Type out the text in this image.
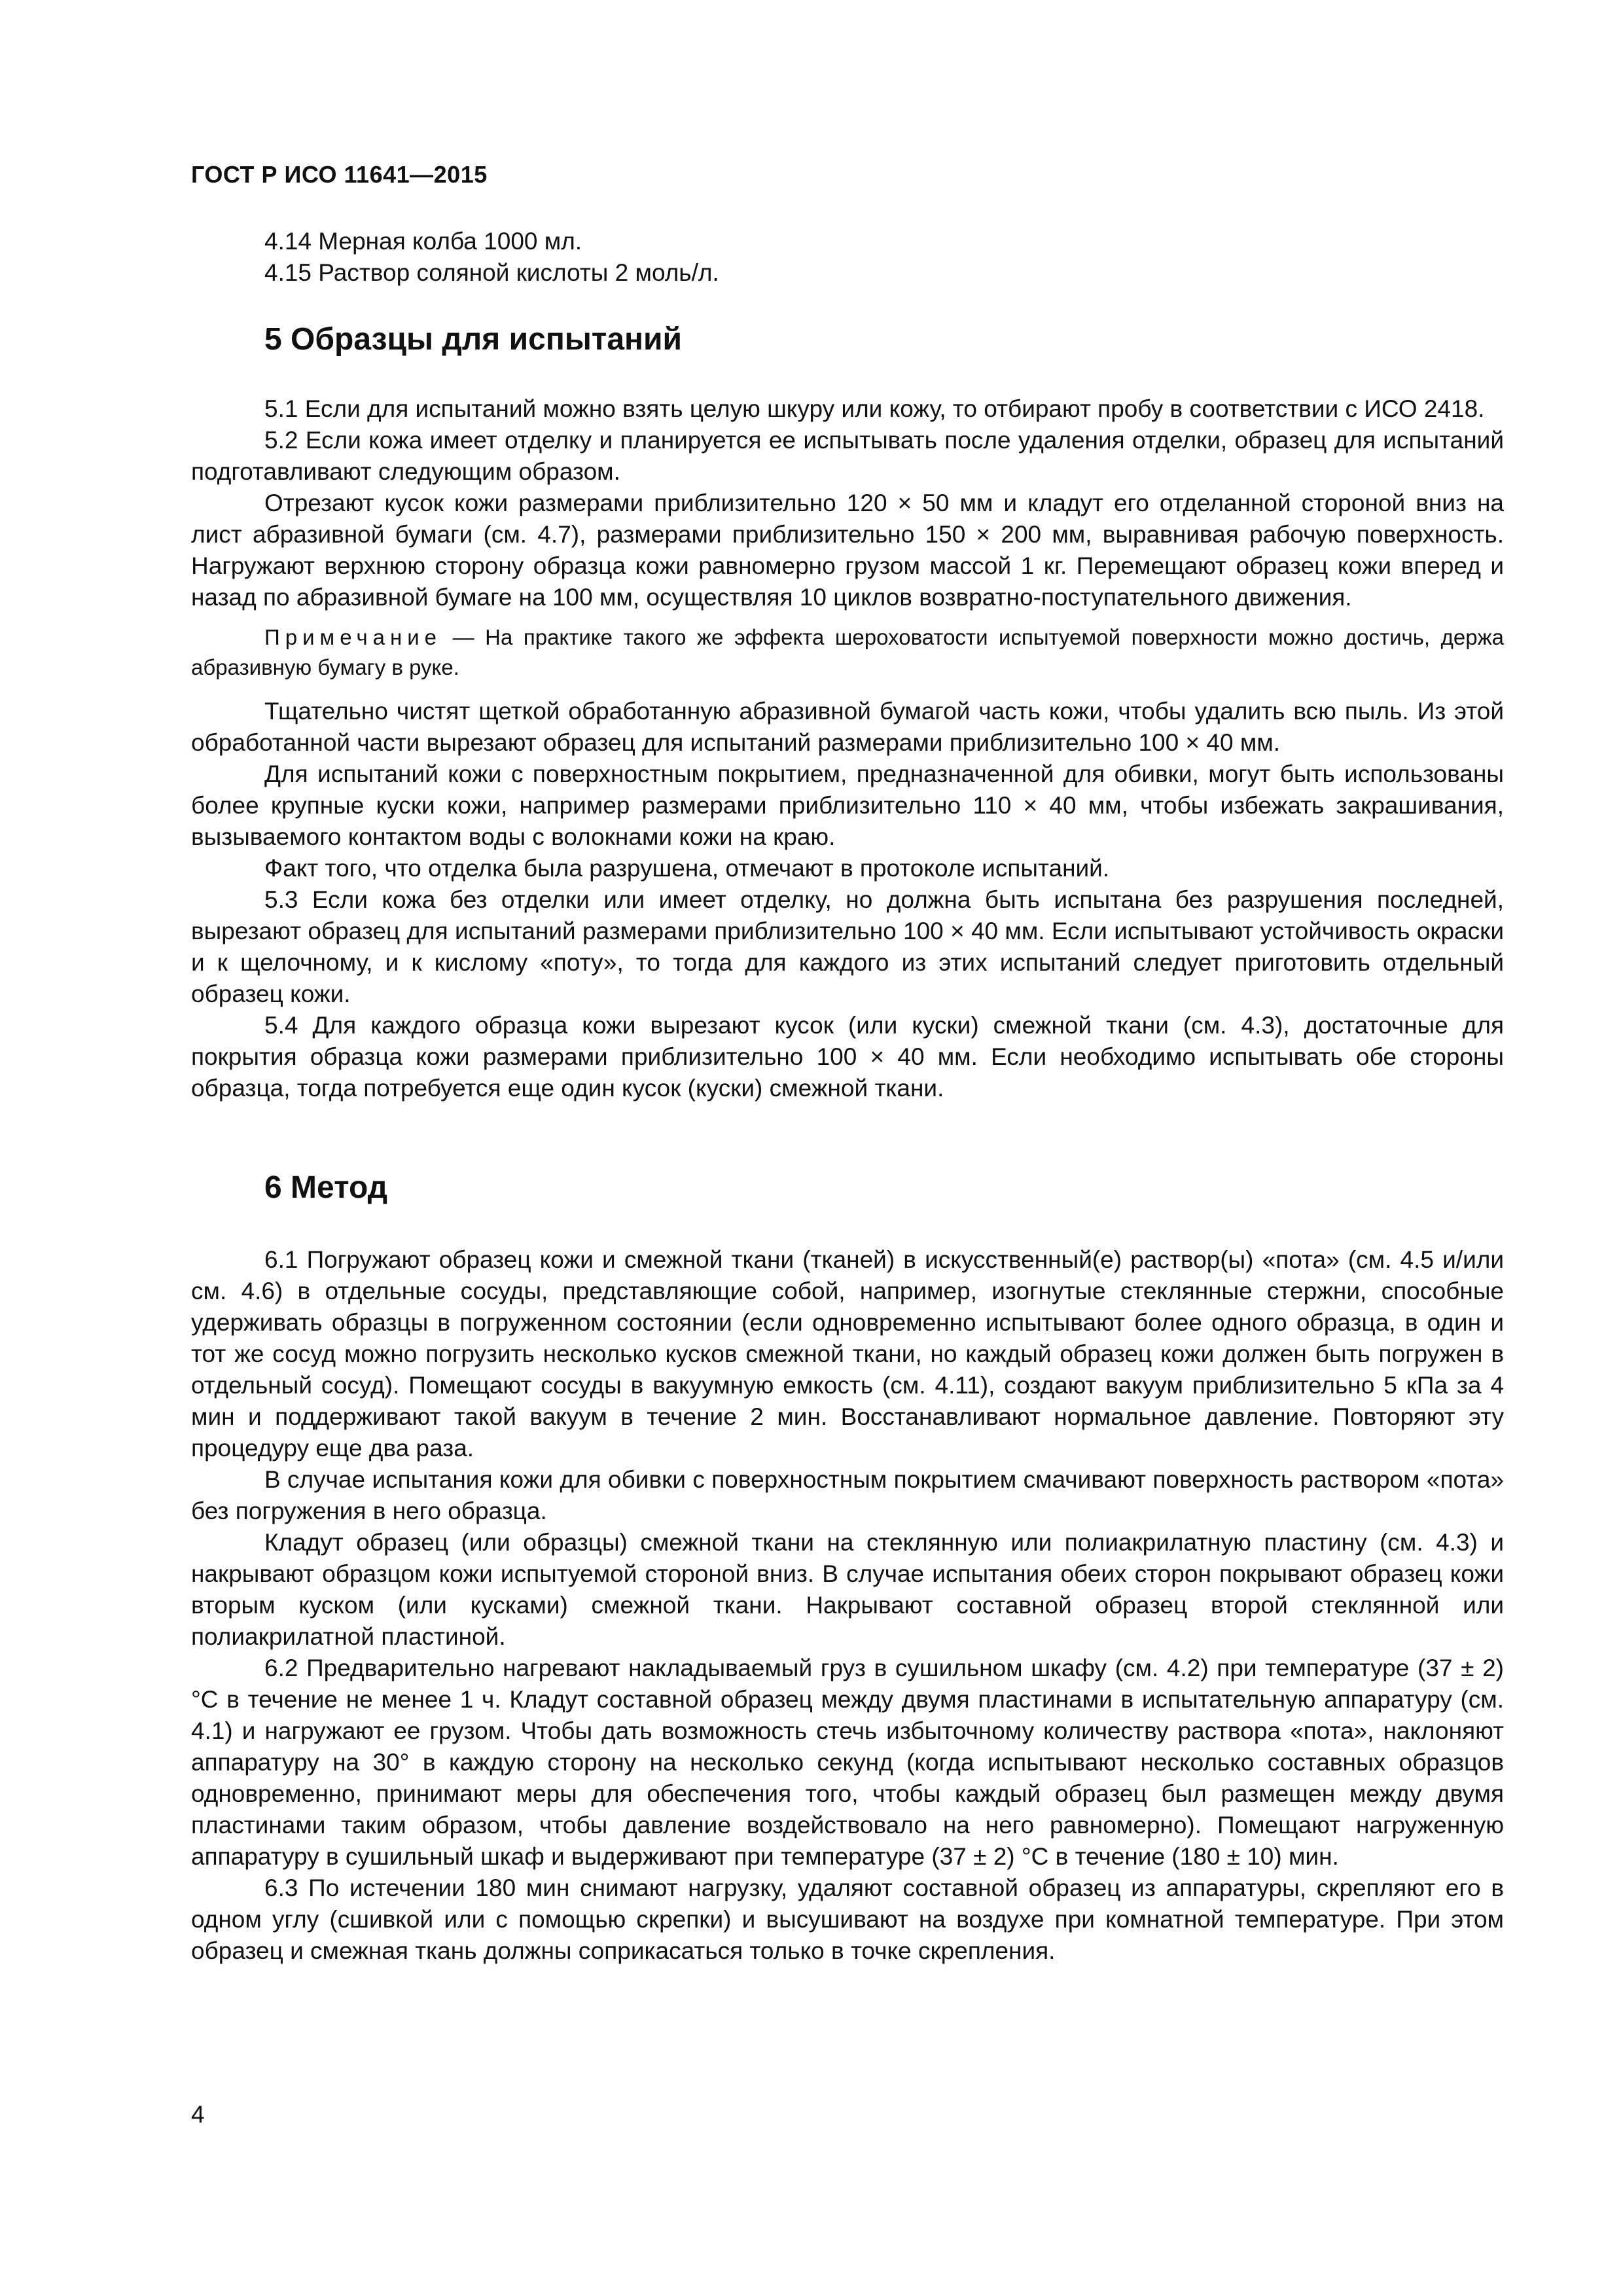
ГОСТ Р ИСО 11641—2015

4.14 Мерная колба 1000 мл.

4.15 Раствор соляной кислоты 2 моль/л.

5 Образцы для испытаний

5.1 Если для испытаний можно взять целую шкуру или кожу, то отбирают пробу в соответствии с ИСО 2418.

5.2 Если кожа имеет отделку и планируется ее испытывать после удаления отделки, образец для испытаний подготавливают следующим образом.

Отрезают кусок кожи размерами приблизительно 120 × 50 мм и кладут его отделанной стороной вниз на лист абразивной бумаги (см. 4.7), размерами приблизительно 150 × 200 мм, выравнивая рабочую поверхность. Нагружают верхнюю сторону образца кожи равномерно грузом массой 1 кг. Перемещают образец кожи вперед и назад по абразивной бумаге на 100 мм, осуществляя 10 циклов возвратно-поступательного движения.

Примечание — На практике такого же эффекта шероховатости испытуемой поверхности можно достичь, держа абразивную бумагу в руке.

Тщательно чистят щеткой обработанную абразивной бумагой часть кожи, чтобы удалить всю пыль. Из этой обработанной части вырезают образец для испытаний размерами приблизительно 100 × 40 мм.

Для испытаний кожи с поверхностным покрытием, предназначенной для обивки, могут быть использованы более крупные куски кожи, например размерами приблизительно 110 × 40 мм, чтобы избежать закрашивания, вызываемого контактом воды с волокнами кожи на краю.

Факт того, что отделка была разрушена, отмечают в протоколе испытаний.

5.3 Если кожа без отделки или имеет отделку, но должна быть испытана без разрушения последней, вырезают образец для испытаний размерами приблизительно 100 × 40 мм. Если испытывают устойчивость окраски и к щелочному, и к кислому «поту», то тогда для каждого из этих испытаний следует приготовить отдельный образец кожи.

5.4 Для каждого образца кожи вырезают кусок (или куски) смежной ткани (см. 4.3), достаточные для покрытия образца кожи размерами приблизительно 100 × 40 мм. Если необходимо испытывать обе стороны образца, тогда потребуется еще один кусок (куски) смежной ткани.

6 Метод

6.1 Погружают образец кожи и смежной ткани (тканей) в искусственный(е) раствор(ы) «пота» (см. 4.5 и/или см. 4.6) в отдельные сосуды, представляющие собой, например, изогнутые стеклянные стержни, способные удерживать образцы в погруженном состоянии (если одновременно испытывают более одного образца, в один и тот же сосуд можно погрузить несколько кусков смежной ткани, но каждый образец кожи должен быть погружен в отдельный сосуд). Помещают сосуды в вакуумную емкость (см. 4.11), создают вакуум приблизительно 5 кПа за 4 мин и поддерживают такой вакуум в течение 2 мин. Восстанавливают нормальное давление. Повторяют эту процедуру еще два раза.

В случае испытания кожи для обивки с поверхностным покрытием смачивают поверхность раствором «пота» без погружения в него образца.

Кладут образец (или образцы) смежной ткани на стеклянную или полиакрилатную пластину (см. 4.3) и накрывают образцом кожи испытуемой стороной вниз. В случае испытания обеих сторон покрывают образец кожи вторым куском (или кусками) смежной ткани. Накрывают составной образец второй стеклянной или полиакрилатной пластиной.

6.2 Предварительно нагревают накладываемый груз в сушильном шкафу (см. 4.2) при температуре (37 ± 2) °С в течение не менее 1 ч. Кладут составной образец между двумя пластинами в испытательную аппаратуру (см. 4.1) и нагружают ее грузом. Чтобы дать возможность стечь избыточному количеству раствора «пота», наклоняют аппаратуру на 30° в каждую сторону на несколько секунд (когда испытывают несколько составных образцов одновременно, принимают меры для обеспечения того, чтобы каждый образец был размещен между двумя пластинами таким образом, чтобы давление воздействовало на него равномерно). Помещают нагруженную аппаратуру в сушильный шкаф и выдерживают при температуре (37 ± 2) °С в течение (180 ± 10) мин.

6.3 По истечении 180 мин снимают нагрузку, удаляют составной образец из аппаратуры, скрепляют его в одном углу (сшивкой или с помощью скрепки) и высушивают на воздухе при комнатной температуре. При этом образец и смежная ткань должны соприкасаться только в точке скрепления.

4
